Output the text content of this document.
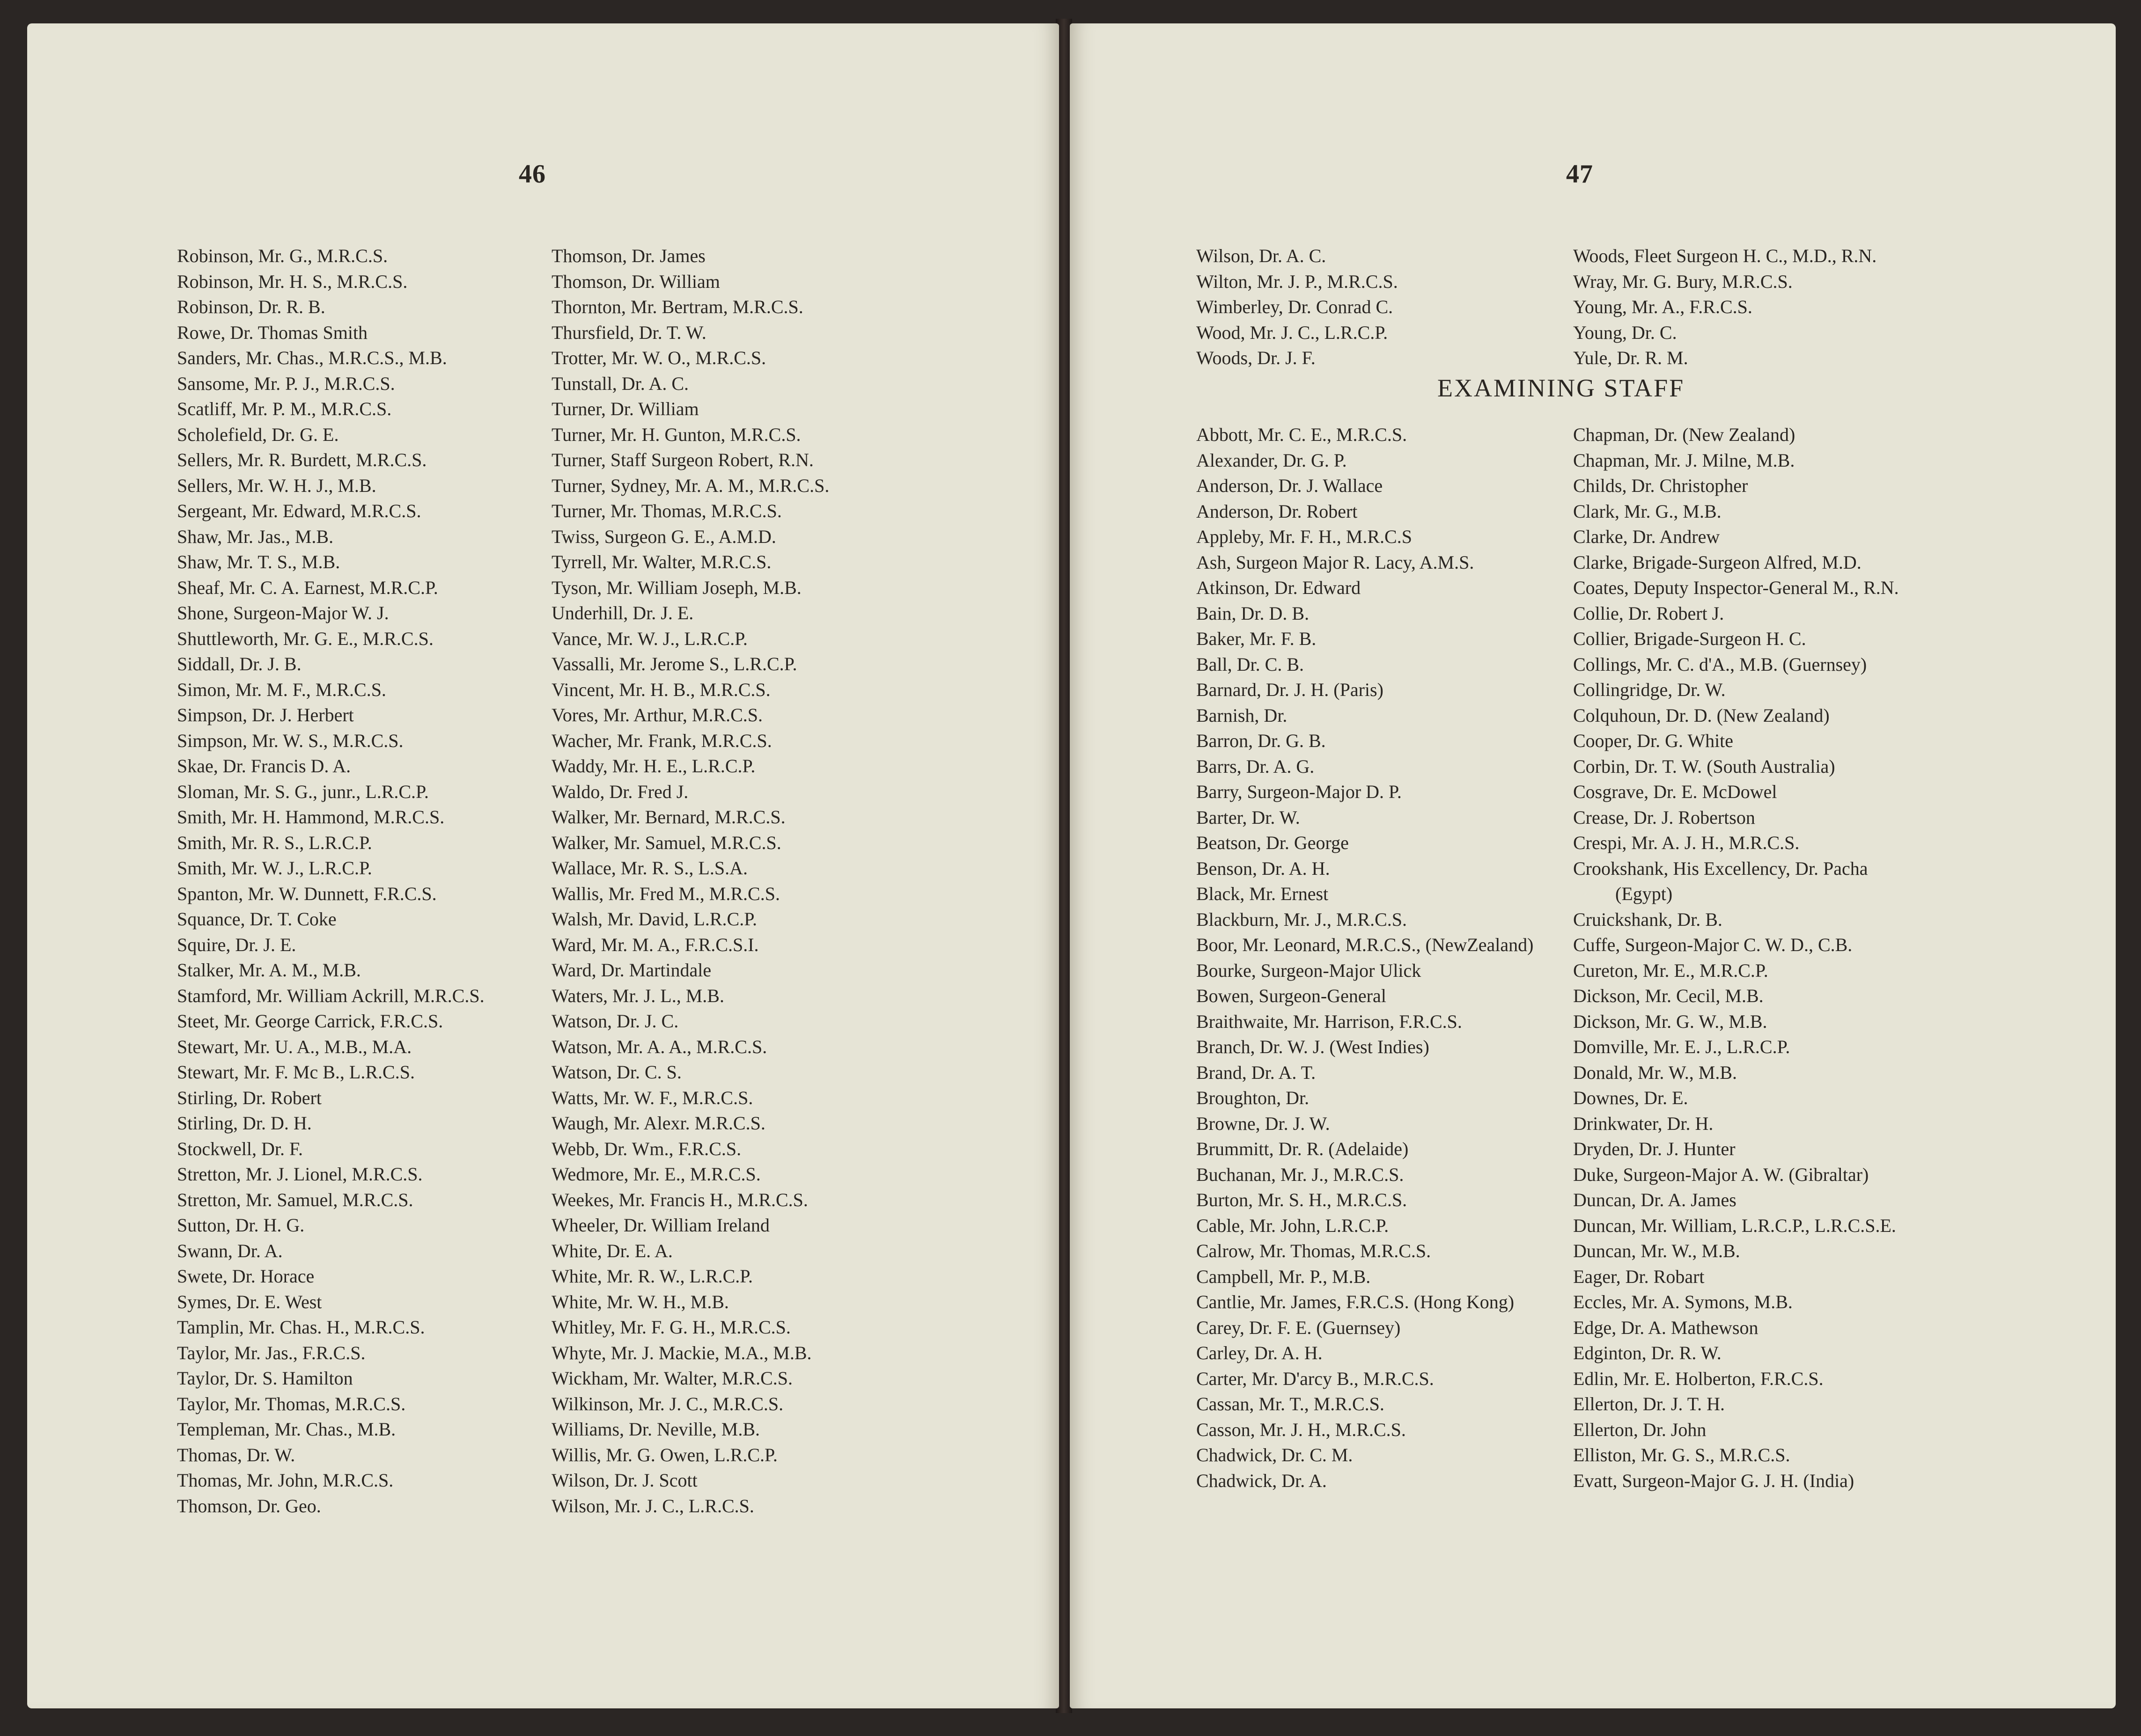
46
Robinson, Mr. G., M.R.C.S.
Robinson, Mr. H. S., M.R.C.S.
Robinson, Dr. R. B.
Rowe, Dr. Thomas Smith
Sanders, Mr. Chas., M.R.C.S., M.B.
Sansome, Mr. P. J., M.R.C.S.
Scatliff, Mr. P. M., M.R.C.S.
Scholefield, Dr. G. E.
Sellers, Mr. R. Burdett, M.R.C.S.
Sellers, Mr. W. H. J., M.B.
Sergeant, Mr. Edward, M.R.C.S.
Shaw, Mr. Jas., M.B.
Shaw, Mr. T. S., M.B.
Sheaf, Mr. C. A. Earnest, M.R.C.P.
Shone, Surgeon-Major W. J.
Shuttleworth, Mr. G. E., M.R.C.S.
Siddall, Dr. J. B.
Simon, Mr. M. F., M.R.C.S.
Simpson, Dr. J. Herbert
Simpson, Mr. W. S., M.R.C.S.
Skae, Dr. Francis D. A.
Sloman, Mr. S. G., junr., L.R.C.P.
Smith, Mr. H. Hammond, M.R.C.S.
Smith, Mr. R. S., L.R.C.P.
Smith, Mr. W. J., L.R.C.P.
Spanton, Mr. W. Dunnett, F.R.C.S.
Squance, Dr. T. Coke
Squire, Dr. J. E.
Stalker, Mr. A. M., M.B.
Stamford, Mr. William Ackrill, M.R.C.S.
Steet, Mr. George Carrick, F.R.C.S.
Stewart, Mr. U. A., M.B., M.A.
Stewart, Mr. F. Mc B., L.R.C.S.
Stirling, Dr. Robert
Stirling, Dr. D. H.
Stockwell, Dr. F.
Stretton, Mr. J. Lionel, M.R.C.S.
Stretton, Mr. Samuel, M.R.C.S.
Sutton, Dr. H. G.
Swann, Dr. A.
Swete, Dr. Horace
Symes, Dr. E. West
Tamplin, Mr. Chas. H., M.R.C.S.
Taylor, Mr. Jas., F.R.C.S.
Taylor, Dr. S. Hamilton
Taylor, Mr. Thomas, M.R.C.S.
Templeman, Mr. Chas., M.B.
Thomas, Dr. W.
Thomas, Mr. John, M.R.C.S.
Thomson, Dr. Geo.
Thomson, Dr. James
Thomson, Dr. William
Thornton, Mr. Bertram, M.R.C.S.
Thursfield, Dr. T. W.
Trotter, Mr. W. O., M.R.C.S.
Tunstall, Dr. A. C.
Turner, Dr. William
Turner, Mr. H. Gunton, M.R.C.S.
Turner, Staff Surgeon Robert, R.N.
Turner, Sydney, Mr. A. M., M.R.C.S.
Turner, Mr. Thomas, M.R.C.S.
Twiss, Surgeon G. E., A.M.D.
Tyrrell, Mr. Walter, M.R.C.S.
Tyson, Mr. William Joseph, M.B.
Underhill, Dr. J. E.
Vance, Mr. W. J., L.R.C.P.
Vassalli, Mr. Jerome S., L.R.C.P.
Vincent, Mr. H. B., M.R.C.S.
Vores, Mr. Arthur, M.R.C.S.
Wacher, Mr. Frank, M.R.C.S.
Waddy, Mr. H. E., L.R.C.P.
Waldo, Dr. Fred J.
Walker, Mr. Bernard, M.R.C.S.
Walker, Mr. Samuel, M.R.C.S.
Wallace, Mr. R. S., L.S.A.
Wallis, Mr. Fred M., M.R.C.S.
Walsh, Mr. David, L.R.C.P.
Ward, Mr. M. A., F.R.C.S.I.
Ward, Dr. Martindale
Waters, Mr. J. L., M.B.
Watson, Dr. J. C.
Watson, Mr. A. A., M.R.C.S.
Watson, Dr. C. S.
Watts, Mr. W. F., M.R.C.S.
Waugh, Mr. Alexr. M.R.C.S.
Webb, Dr. Wm., F.R.C.S.
Wedmore, Mr. E., M.R.C.S.
Weekes, Mr. Francis H., M.R.C.S.
Wheeler, Dr. William Ireland
White, Dr. E. A.
White, Mr. R. W., L.R.C.P.
White, Mr. W. H., M.B.
Whitley, Mr. F. G. H., M.R.C.S.
Whyte, Mr. J. Mackie, M.A., M.B.
Wickham, Mr. Walter, M.R.C.S.
Wilkinson, Mr. J. C., M.R.C.S.
Williams, Dr. Neville, M.B.
Willis, Mr. G. Owen, L.R.C.P.
Wilson, Dr. J. Scott
Wilson, Mr. J. C., L.R.C.S.
47
Wilson, Dr. A. C.
Wilton, Mr. J. P., M.R.C.S.
Wimberley, Dr. Conrad C.
Wood, Mr. J. C., L.R.C.P.
Woods, Dr. J. F.
Woods, Fleet Surgeon H. C., M.D., R.N.
Wray, Mr. G. Bury, M.R.C.S.
Young, Mr. A., F.R.C.S.
Young, Dr. C.
Yule, Dr. R. M.
EXAMINING STAFF
Abbott, Mr. C. E., M.R.C.S.
Alexander, Dr. G. P.
Anderson, Dr. J. Wallace
Anderson, Dr. Robert
Appleby, Mr. F. H., M.R.C.S
Ash, Surgeon Major R. Lacy, A.M.S.
Atkinson, Dr. Edward
Bain, Dr. D. B.
Baker, Mr. F. B.
Ball, Dr. C. B.
Barnard, Dr. J. H. (Paris)
Barnish, Dr.
Barron, Dr. G. B.
Barrs, Dr. A. G.
Barry, Surgeon-Major D. P.
Barter, Dr. W.
Beatson, Dr. George
Benson, Dr. A. H.
Black, Mr. Ernest
Blackburn, Mr. J., M.R.C.S.
Boor, Mr. Leonard, M.R.C.S., (NewZealand)
Bourke, Surgeon-Major Ulick
Bowen, Surgeon-General
Braithwaite, Mr. Harrison, F.R.C.S.
Branch, Dr. W. J. (West Indies)
Brand, Dr. A. T.
Broughton, Dr.
Browne, Dr. J. W.
Brummitt, Dr. R. (Adelaide)
Buchanan, Mr. J., M.R.C.S.
Burton, Mr. S. H., M.R.C.S.
Cable, Mr. John, L.R.C.P.
Calrow, Mr. Thomas, M.R.C.S.
Campbell, Mr. P., M.B.
Cantlie, Mr. James, F.R.C.S. (Hong Kong)
Carey, Dr. F. E. (Guernsey)
Carley, Dr. A. H.
Carter, Mr. D'arcy B., M.R.C.S.
Cassan, Mr. T., M.R.C.S.
Casson, Mr. J. H., M.R.C.S.
Chadwick, Dr. C. M.
Chadwick, Dr. A.
Chapman, Dr. (New Zealand)
Chapman, Mr. J. Milne, M.B.
Childs, Dr. Christopher
Clark, Mr. G., M.B.
Clarke, Dr. Andrew
Clarke, Brigade-Surgeon Alfred, M.D.
Coates, Deputy Inspector-General M., R.N.
Collie, Dr. Robert J.
Collier, Brigade-Surgeon H. C.
Collings, Mr. C. d'A., M.B. (Guernsey)
Collingridge, Dr. W.
Colquhoun, Dr. D. (New Zealand)
Cooper, Dr. G. White
Corbin, Dr. T. W. (South Australia)
Cosgrave, Dr. E. McDowel
Crease, Dr. J. Robertson
Crespi, Mr. A. J. H., M.R.C.S.
Crookshank, His Excellency, Dr. Pacha
(Egypt)
Cruickshank, Dr. B.
Cuffe, Surgeon-Major C. W. D., C.B.
Cureton, Mr. E., M.R.C.P.
Dickson, Mr. Cecil, M.B.
Dickson, Mr. G. W., M.B.
Domville, Mr. E. J., L.R.C.P.
Donald, Mr. W., M.B.
Downes, Dr. E.
Drinkwater, Dr. H.
Dryden, Dr. J. Hunter
Duke, Surgeon-Major A. W. (Gibraltar)
Duncan, Dr. A. James
Duncan, Mr. William, L.R.C.P., L.R.C.S.E.
Duncan, Mr. W., M.B.
Eager, Dr. Robart
Eccles, Mr. A. Symons, M.B.
Edge, Dr. A. Mathewson
Edginton, Dr. R. W.
Edlin, Mr. E. Holberton, F.R.C.S.
Ellerton, Dr. J. T. H.
Ellerton, Dr. John
Elliston, Mr. G. S., M.R.C.S.
Evatt, Surgeon-Major G. J. H. (India)
